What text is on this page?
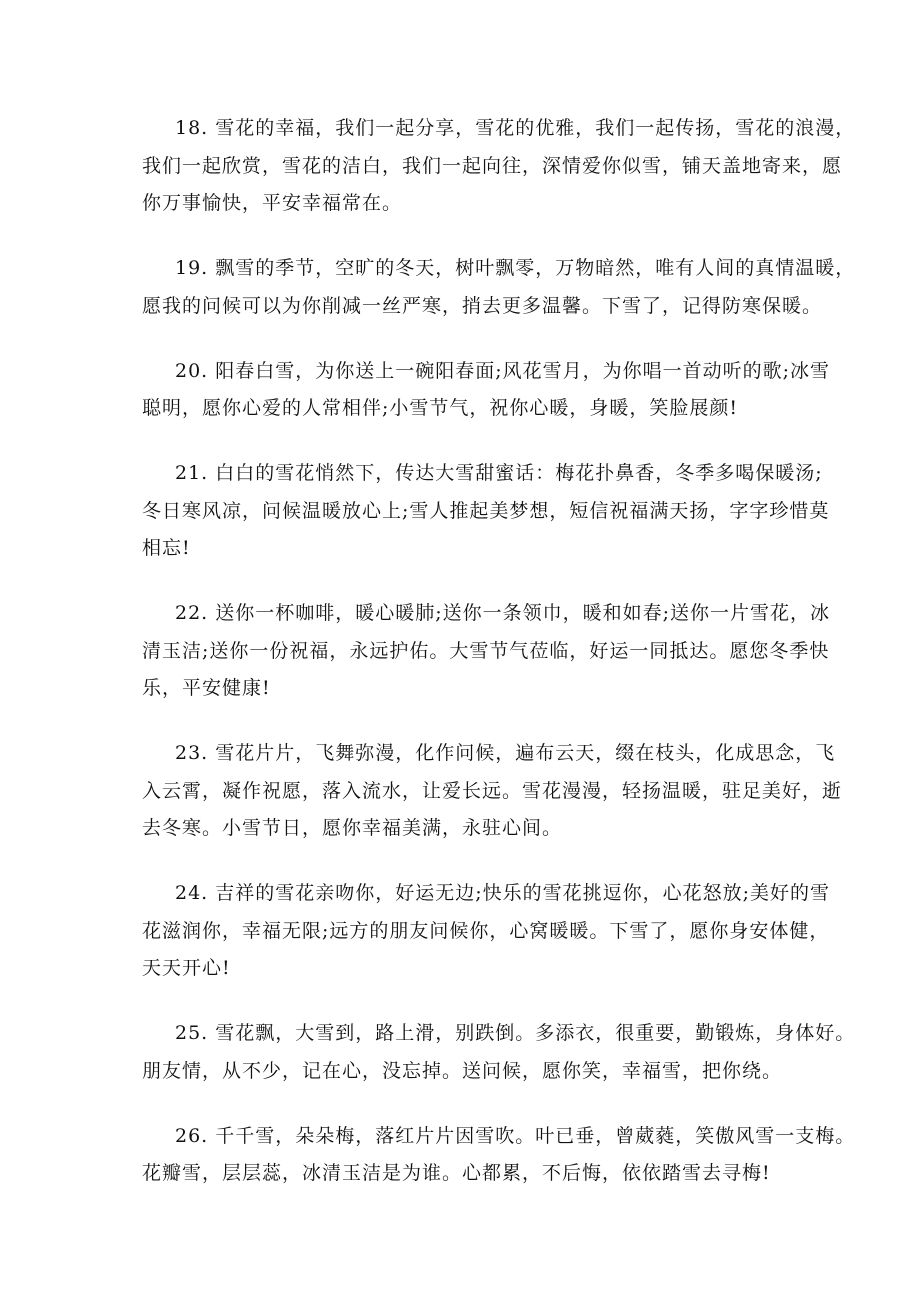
18. 雪花的幸福，我们一起分享，雪花的优雅，我们一起传扬，雪花的浪漫，
我们一起欣赏，雪花的洁白，我们一起向往，深情爱你似雪，铺天盖地寄来，愿
你万事愉快，平安幸福常在。
19. 飘雪的季节，空旷的冬天，树叶飘零，万物暗然，唯有人间的真情温暖，
愿我的问候可以为你削减一丝严寒，捎去更多温馨。下雪了，记得防寒保暖。
20. 阳春白雪，为你送上一碗阳春面;风花雪月，为你唱一首动听的歌;冰雪
聪明，愿你心爱的人常相伴;小雪节气，祝你心暖，身暖，笑脸展颜!
21. 白白的雪花悄然下，传达大雪甜蜜话：梅花扑鼻香，冬季多喝保暖汤;
冬日寒风凉，问候温暖放心上;雪人推起美梦想，短信祝福满天扬，字字珍惜莫
相忘!
22. 送你一杯咖啡，暖心暖肺;送你一条领巾，暖和如春;送你一片雪花，冰
清玉洁;送你一份祝福，永远护佑。大雪节气莅临，好运一同抵达。愿您冬季快
乐，平安健康!
23. 雪花片片，飞舞弥漫，化作问候，遍布云天，缀在枝头，化成思念，飞
入云霄，凝作祝愿，落入流水，让爱长远。雪花漫漫，轻扬温暖，驻足美好，逝
去冬寒。小雪节日，愿你幸福美满，永驻心间。
24. 吉祥的雪花亲吻你，好运无边;快乐的雪花挑逗你，心花怒放;美好的雪
花滋润你，幸福无限;远方的朋友问候你，心窝暖暖。下雪了，愿你身安体健，
天天开心!
25. 雪花飘，大雪到，路上滑，别跌倒。多添衣，很重要，勤锻炼，身体好。
朋友情，从不少，记在心，没忘掉。送问候，愿你笑，幸福雪，把你绕。
26. 千千雪，朵朵梅，落红片片因雪吹。叶已垂，曾葳蕤，笑傲风雪一支梅。
花瓣雪，层层蕊，冰清玉洁是为谁。心都累，不后悔，依依踏雪去寻梅!
